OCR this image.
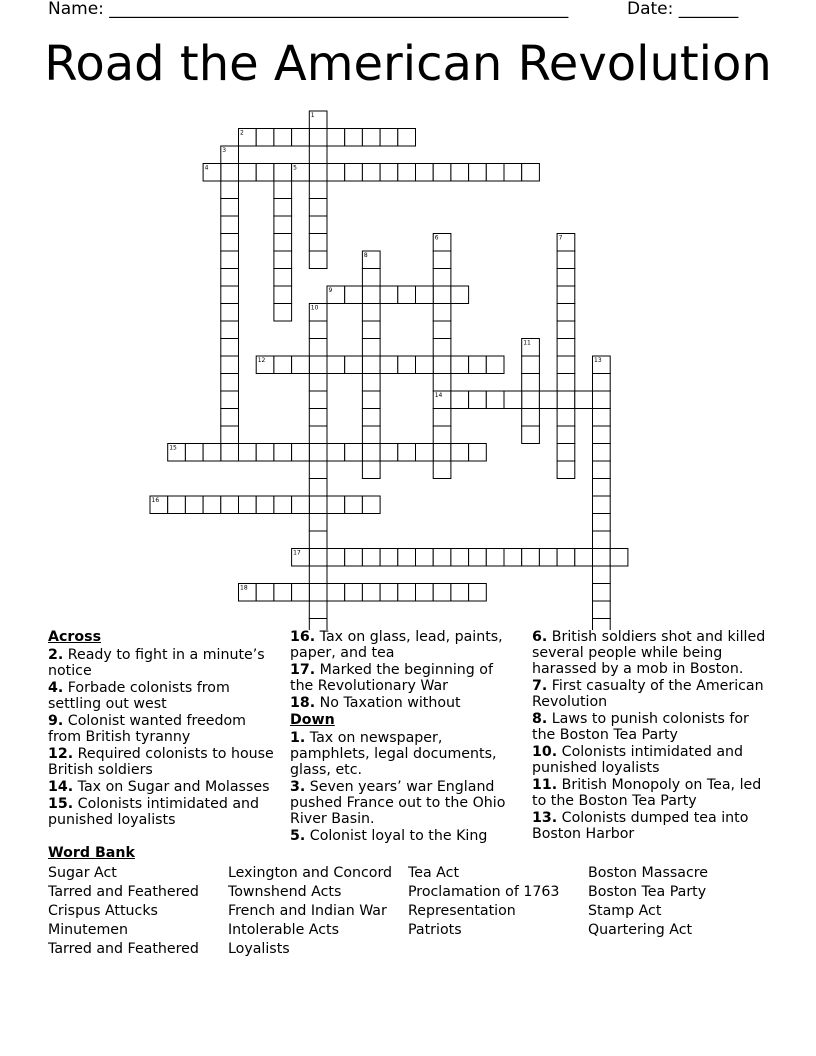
Name: ______________________________________________________	Date: _______
Road the American Revolution
1
2
3
4	5
6	7
8
9
10
11
12	13
14
15
16
17
18
Across
2. Ready to fight in a minute’s notice
4. Forbade colonists from settling out west
9. Colonist wanted freedom from British tyranny
12. Required colonists to house British soldiers
14. Tax on Sugar and Molasses
15. Colonists intimidated and punished loyalists
16. Tax on glass, lead, paints, paper, and tea
17. Marked the beginning of the Revolutionary War
18. No Taxation without
Down
1. Tax on newspaper, pamphlets, legal documents, glass, etc.
3. Seven years’ war England pushed France out to the Ohio River Basin.
5. Colonist loyal to the King
6. British soldiers shot and killed several people while being harassed by a mob in Boston.
7. First casualty of the American Revolution
8. Laws to punish colonists for the Boston Tea Party
10. Colonists intimidated and punished loyalists
11. British Monopoly on Tea, led to the Boston Tea Party
13. Colonists dumped tea into Boston Harbor
Word Bank
Sugar Act
Tarred and Feathered
Crispus Attucks
Minutemen
Tarred and Feathered
Lexington and Concord
Townshend Acts
French and Indian War
Intolerable Acts
Loyalists
Tea Act
Proclamation of 1763
Representation
Patriots
Boston Massacre
Boston Tea Party
Stamp Act
Quartering Act
